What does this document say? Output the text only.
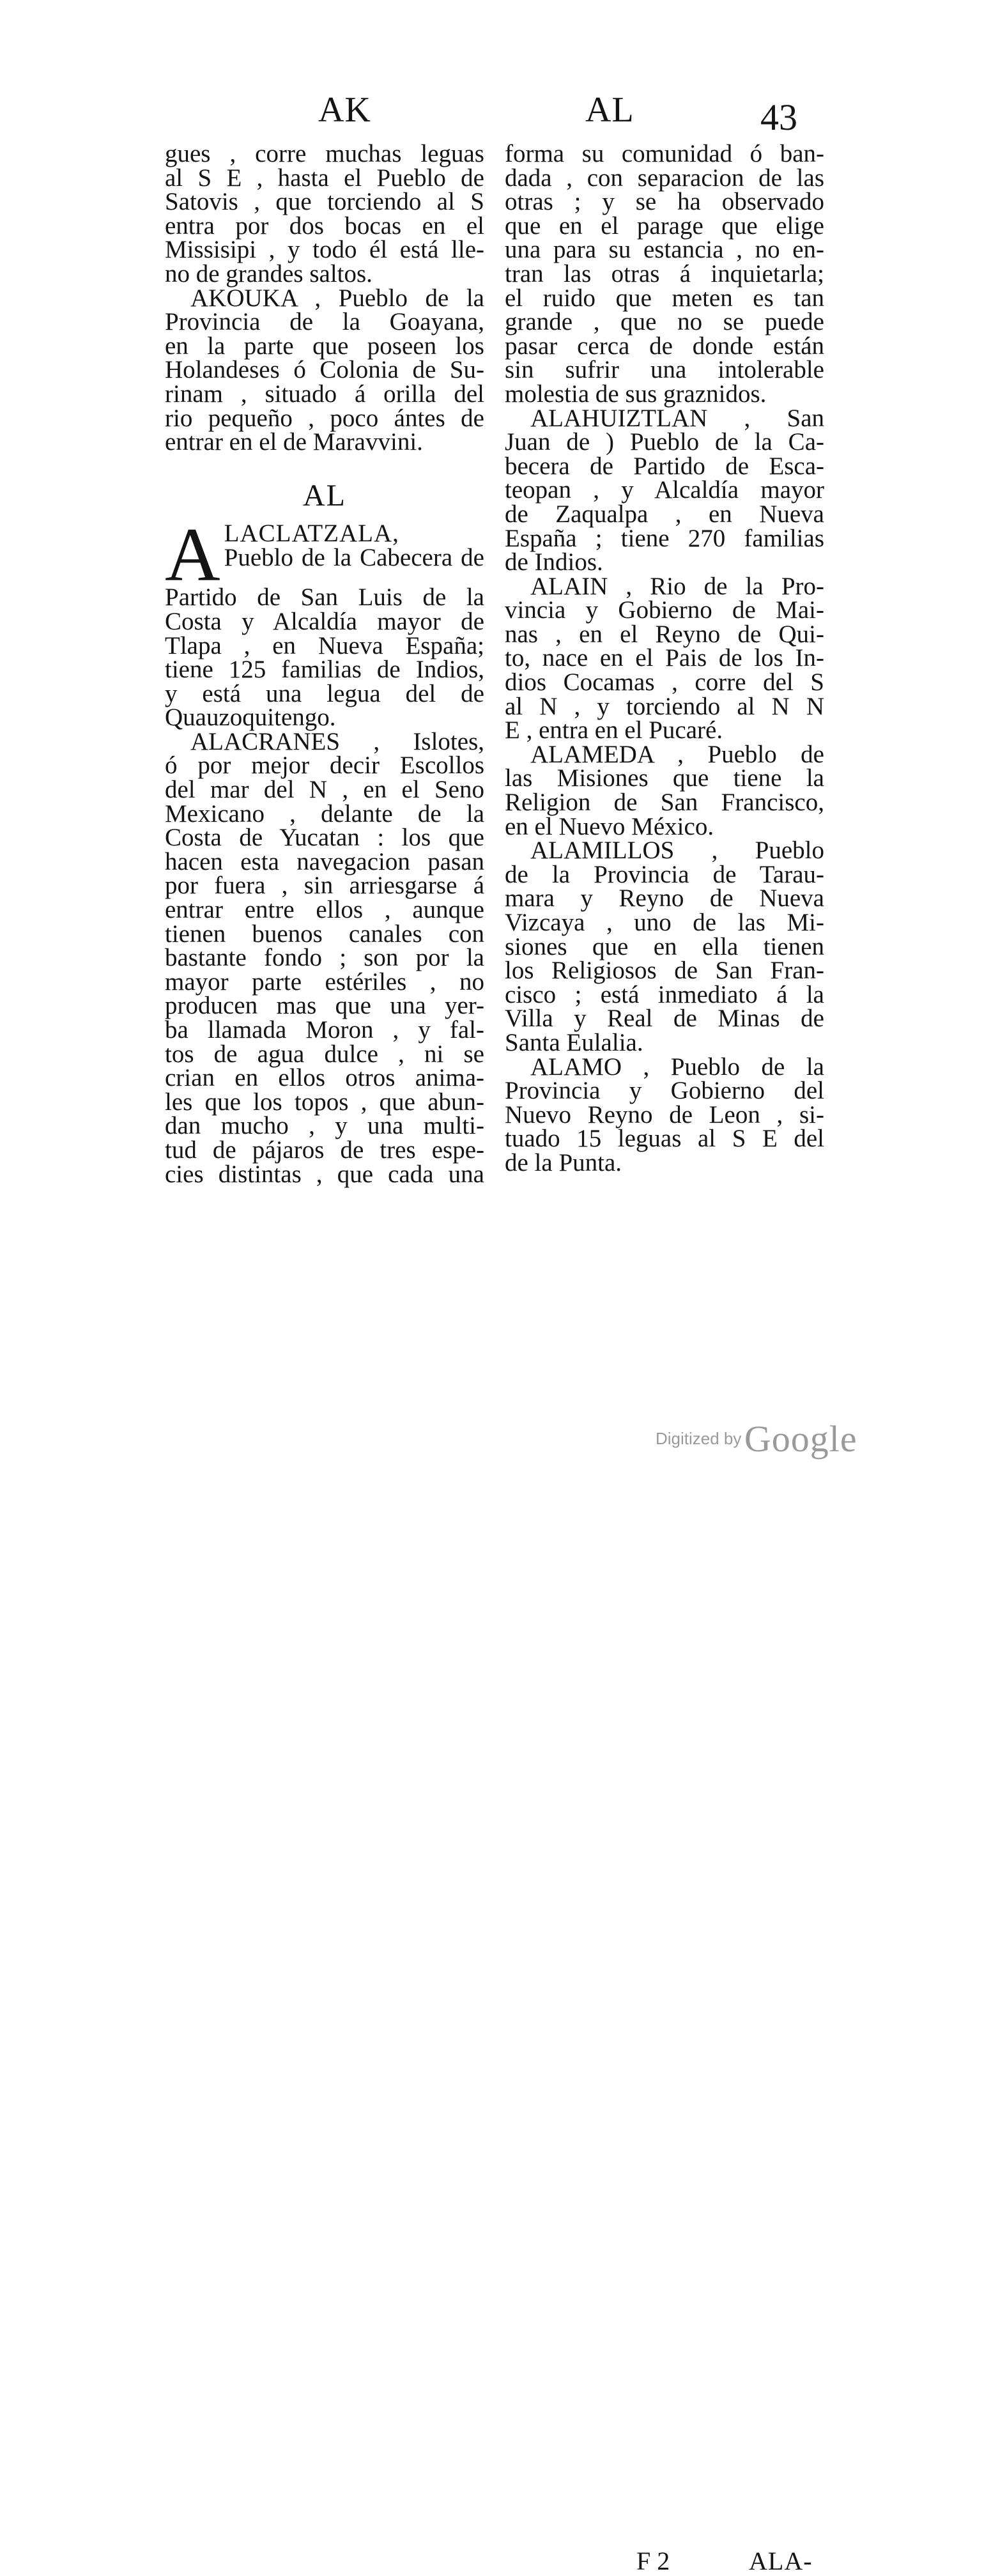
AK	AL	43

gues , corre muchas leguas
al S E , hasta el Pueblo de
Satovis , que torciendo al S
entra por dos bocas en el
Missisipi , y todo él está lle-
no de grandes saltos.

AKOUKA , Pueblo de la
Provincia de la Goayana,
en la parte que poseen los
Holandeses ó Colonia de Su-
rinam , situado á orilla del
rio pequeño , poco ántes de
entrar en el de Maravvini.

AL

A LACLATZALA,
Pueblo de la Cabecera de
Partido de San Luis de la
Costa y Alcaldía mayor de
Tlapa , en Nueva España;
tiene 125 familias de Indios,
y está una legua del de
Quauzoquitengo.

ALACRANES , Islotes,
ó por mejor decir Escollos
del mar del N , en el Seno
Mexicano , delante de la
Costa de Yucatan : los que
hacen esta navegacion pasan
por fuera , sin arriesgarse á
entrar entre ellos , aunque
tienen buenos canales con
bastante fondo ; son por la
mayor parte estériles , no
producen mas que una yer-
ba llamada Moron , y fal-
tos de agua dulce , ni se
crian en ellos otros anima-
les que los topos , que abun-
dan mucho , y una multi-
tud de pájaros de tres espe-
cies distintas , que cada una

forma su comunidad ó ban-
dada , con separacion de las
otras ; y se ha observado
que en el parage que elige
una para su estancia , no en-
tran las otras á inquietarla;
el ruido que meten es tan
grande , que no se puede
pasar cerca de donde están
sin sufrir una intolerable
molestia de sus graznidos.

ALAHUIZTLAN , San
Juan de ) Pueblo de la Ca-
becera de Partido de Esca-
teopan , y Alcaldía mayor
de Zaqualpa , en Nueva
España ; tiene 270 familias
de Indios.

ALAIN , Rio de la Pro-
vincia y Gobierno de Mai-
nas , en el Reyno de Qui-
to, nace en el Pais de los In-
dios Cocamas , corre del S
al N , y torciendo al N N
E , entra en el Pucaré.

ALAMEDA , Pueblo de
las Misiones que tiene la
Religion de San Francisco,
en el Nuevo México.

ALAMILLOS , Pueblo
de la Provincia de Tarau-
mara y Reyno de Nueva
Vizcaya , uno de las Mi-
siones que en ella tienen
los Religiosos de San Fran-
cisco ; está inmediato á la
Villa y Real de Minas de
Santa Eulalia.

ALAMO , Pueblo de la
Provincia y Gobierno del
Nuevo Reyno de Leon , si-
tuado 15 leguas al S E del
de la Punta.

F 2	ALA-
Digitized by Google
